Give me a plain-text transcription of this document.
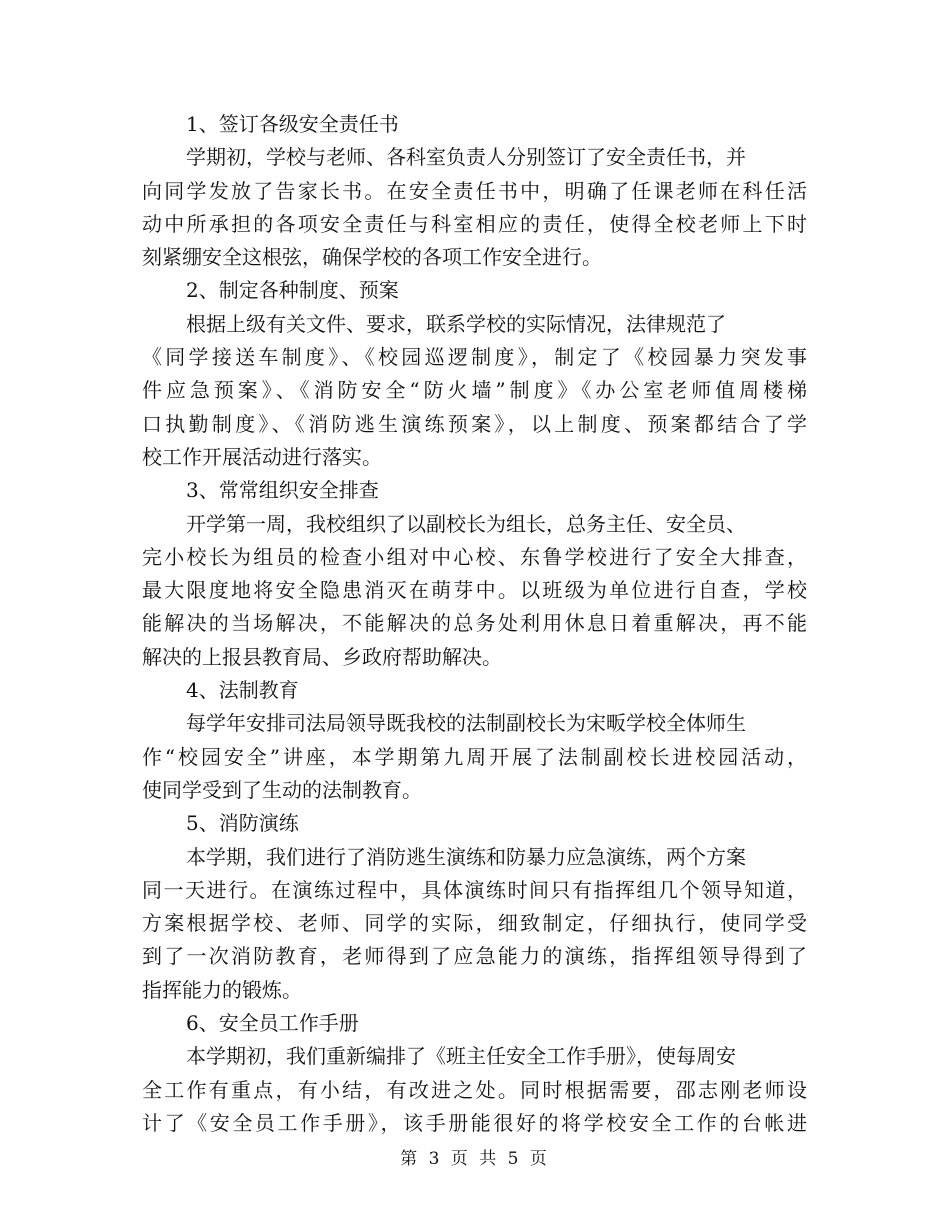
1、签订各级安全责任书
学期初，学校与老师、各科室负责人分别签订了安全责任书，并
向同学发放了告家长书。在安全责任书中，明确了任课老师在科任活
动中所承担的各项安全责任与科室相应的责任，使得全校老师上下时
刻紧绷安全这根弦，确保学校的各项工作安全进行。
2、制定各种制度、预案
根据上级有关文件、要求，联系学校的实际情况，法律规范了
《同学接送车制度》、《校园巡逻制度》，制定了《校园暴力突发事
件应急预案》、《消防安全“防火墙”制度》《办公室老师值周楼梯
口执勤制度》、《消防逃生演练预案》，以上制度、预案都结合了学
校工作开展活动进行落实。
3、常常组织安全排查
开学第一周，我校组织了以副校长为组长，总务主任、安全员、
完小校长为组员的检查小组对中心校、东鲁学校进行了安全大排查，
最大限度地将安全隐患消灭在萌芽中。以班级为单位进行自查，学校
能解决的当场解决，不能解决的总务处利用休息日着重解决，再不能
解决的上报县教育局、乡政府帮助解决。
4、法制教育
每学年安排司法局领导既我校的法制副校长为宋畈学校全体师生
作“校园安全”讲座，本学期第九周开展了法制副校长进校园活动，
使同学受到了生动的法制教育。
5、消防演练
本学期，我们进行了消防逃生演练和防暴力应急演练，两个方案
同一天进行。在演练过程中，具体演练时间只有指挥组几个领导知道，
方案根据学校、老师、同学的实际，细致制定，仔细执行，使同学受
到了一次消防教育，老师得到了应急能力的演练，指挥组领导得到了
指挥能力的锻炼。
6、安全员工作手册
本学期初，我们重新编排了《班主任安全工作手册》，使每周安
全工作有重点，有小结，有改进之处。同时根据需要，邵志刚老师设
计了《安全员工作手册》，该手册能很好的将学校安全工作的台帐进
第 3 页 共 5 页
